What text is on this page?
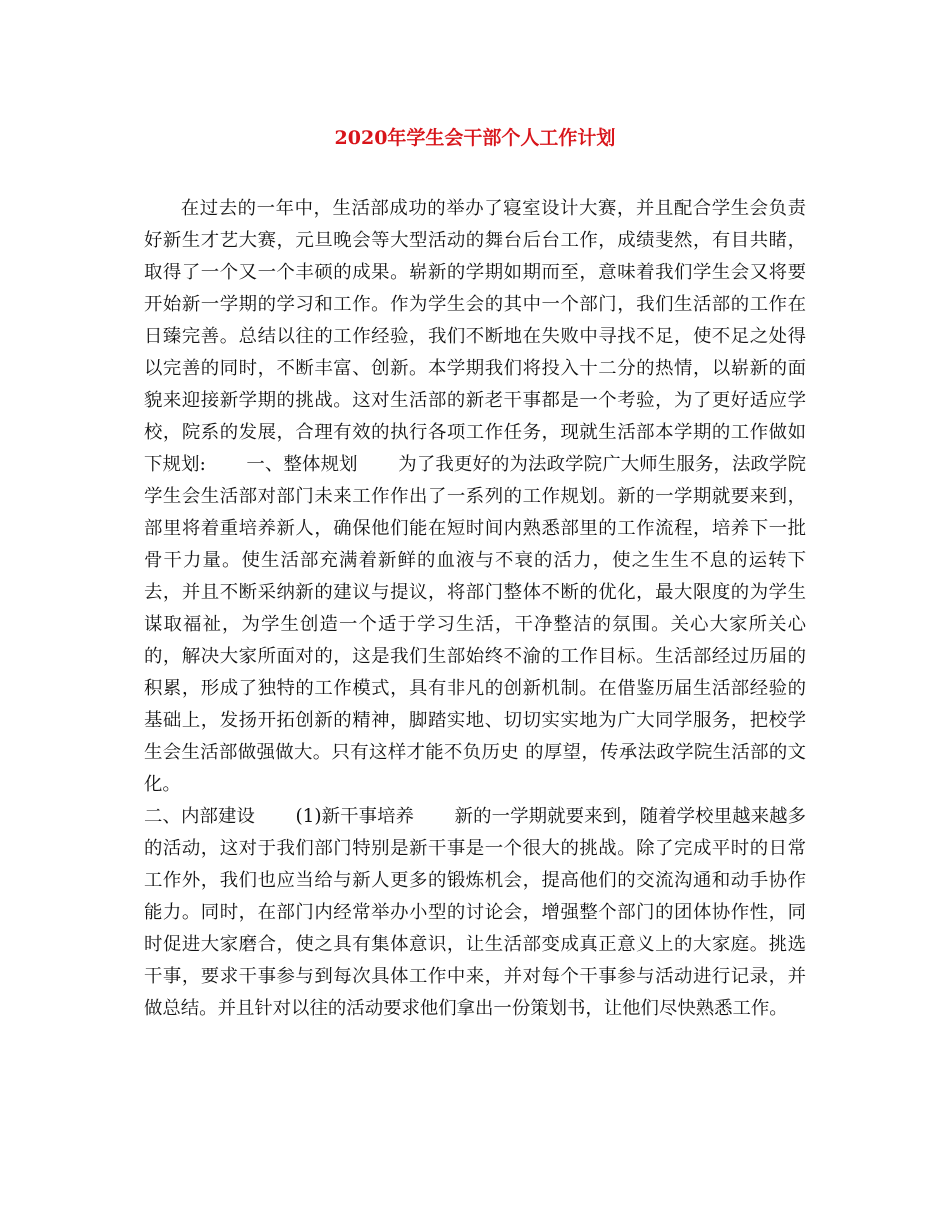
2020年学生会干部个人工作计划

在过去的一年中，生活部成功的举办了寝室设计大赛，并且配合学生会负责好新生才艺大赛，元旦晚会等大型活动的舞台后台工作，成绩斐然，有目共睹，取得了一个又一个丰硕的成果。崭新的学期如期而至，意味着我们学生会又将要开始新一学期的学习和工作。作为学生会的其中一个部门，我们生活部的工作在日臻完善。总结以往的工作经验，我们不断地在失败中寻找不足，使不足之处得以完善的同时，不断丰富、创新。本学期我们将投入十二分的热情，以崭新的面貌来迎接新学期的挑战。这对生活部的新老干事都是一个考验，为了更好适应学校，院系的发展，合理有效的执行各项工作任务，现就生活部本学期的工作做如下规划: 一、整体规划 为了我更好的为法政学院广大师生服务，法政学院学生会生活部对部门未来工作作出了一系列的工作规划。新的一学期就要来到，部里将着重培养新人，确保他们能在短时间内熟悉部里的工作流程，培养下一批骨干力量。使生活部充满着新鲜的血液与不衰的活力，使之生生不息的运转下去，并且不断采纳新的建议与提议，将部门整体不断的优化，最大限度的为学生谋取福祉，为学生创造一个适于学习生活，干净整洁的氛围。关心大家所关心的，解决大家所面对的，这是我们生部始终不渝的工作目标。生活部经过历届的积累，形成了独特的工作模式，具有非凡的创新机制。在借鉴历届生活部经验的基础上，发扬开拓创新的精神，脚踏实地、切切实实地为广大同学服务，把校学生会生活部做强做大。只有这样才能不负历史 的厚望，传承法政学院生活部的文化。

二、内部建设 (1)新干事培养 新的一学期就要来到，随着学校里越来越多的活动，这对于我们部门特别是新干事是一个很大的挑战。除了完成平时的日常工作外，我们也应当给与新人更多的锻炼机会，提高他们的交流沟通和动手协作能力。同时，在部门内经常举办小型的讨论会，增强整个部门的团体协作性，同时促进大家磨合，使之具有集体意识，让生活部变成真正意义上的大家庭。挑选干事，要求干事参与到每次具体工作中来，并对每个干事参与活动进行记录，并做总结。并且针对以往的活动要求他们拿出一份策划书，让他们尽快熟悉工作。
